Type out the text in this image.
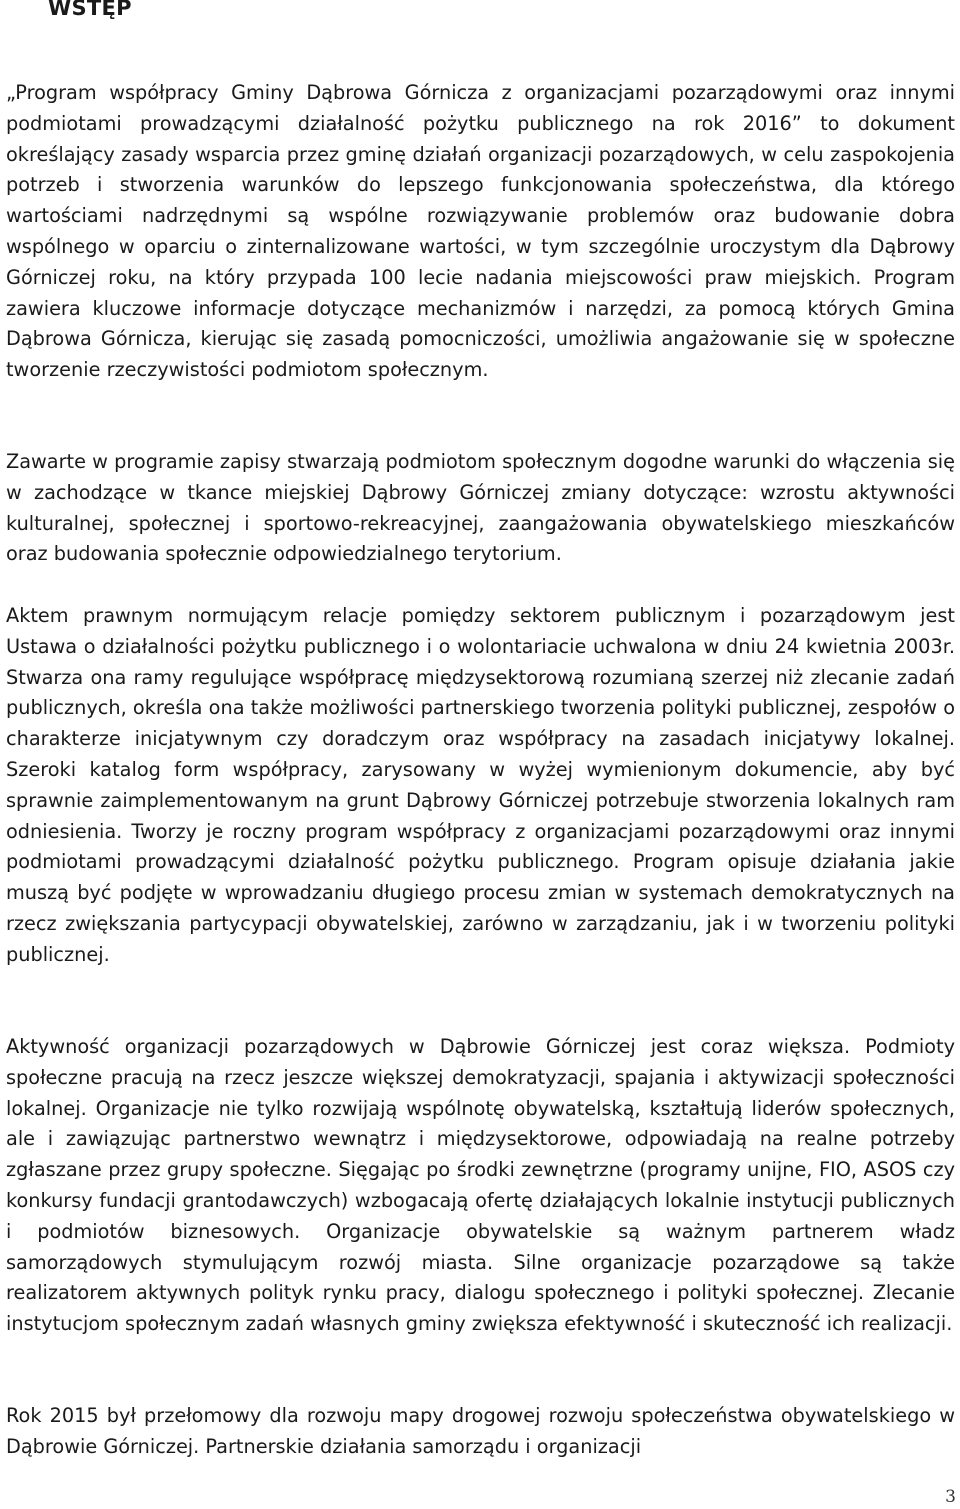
WSTĘP

„Program współpracy Gminy Dąbrowa Górnicza z organizacjami pozarządowymi oraz innymi podmiotami prowadzącymi działalność pożytku publicznego na rok 2016” to dokument określający zasady wsparcia przez gminę działań organizacji pozarządowych, w celu zaspokojenia potrzeb i stworzenia warunków do lepszego funkcjonowania społeczeństwa, dla którego wartościami nadrzędnymi są wspólne rozwiązywanie problemów oraz budowanie dobra wspólnego w oparciu o zinternalizowane wartości, w tym szczególnie uroczystym dla Dąbrowy Górniczej roku, na który przypada 100 lecie nadania miejscowości praw miejskich. Program zawiera kluczowe informacje dotyczące mechanizmów i narzędzi, za pomocą których Gmina Dąbrowa Górnicza, kierując się zasadą pomocniczości, umożliwia angażowanie się w społeczne tworzenie rzeczywistości podmiotom społecznym.

Zawarte w programie zapisy stwarzają podmiotom społecznym dogodne warunki do włączenia się w zachodzące w tkance miejskiej Dąbrowy Górniczej zmiany dotyczące: wzrostu aktywności kulturalnej, społecznej i sportowo-rekreacyjnej, zaangażowania obywatelskiego mieszkańców oraz budowania społecznie odpowiedzialnego terytorium.

Aktem prawnym normującym relacje pomiędzy sektorem publicznym i pozarządowym jest Ustawa o działalności pożytku publicznego i o wolontariacie uchwalona w dniu 24 kwietnia 2003r. Stwarza ona ramy regulujące współpracę międzysektorową rozumianą szerzej niż zlecanie zadań publicznych, określa ona także możliwości partnerskiego tworzenia polityki publicznej, zespołów o charakterze inicjatywnym czy doradczym oraz współpracy na zasadach inicjatywy lokalnej. Szeroki katalog form współpracy, zarysowany w wyżej wymienionym dokumencie, aby być sprawnie zaimplementowanym na grunt Dąbrowy Górniczej potrzebuje stworzenia lokalnych ram odniesienia. Tworzy je roczny program współpracy z organizacjami pozarządowymi oraz innymi podmiotami prowadzącymi działalność pożytku publicznego. Program opisuje działania jakie muszą być podjęte w wprowadzaniu długiego procesu zmian w systemach demokratycznych na rzecz zwiększania partycypacji obywatelskiej, zarówno w zarządzaniu, jak i w tworzeniu polityki publicznej.

Aktywność organizacji pozarządowych w Dąbrowie Górniczej jest coraz większa. Podmioty społeczne pracują na rzecz jeszcze większej demokratyzacji, spajania i aktywizacji społeczności lokalnej. Organizacje nie tylko rozwijają wspólnotę obywatelską, kształtują liderów społecznych, ale i zawiązując partnerstwo wewnątrz i międzysektorowe, odpowiadają na realne potrzeby zgłaszane przez grupy społeczne. Sięgając po środki zewnętrzne (programy unijne, FIO, ASOS czy konkursy fundacji grantodawczych) wzbogacają ofertę działających lokalnie instytucji publicznych i podmiotów biznesowych. Organizacje obywatelskie są ważnym partnerem władz samorządowych stymulującym rozwój miasta. Silne organizacje pozarządowe są także realizatorem aktywnych polityk rynku pracy, dialogu społecznego i polityki społecznej. Zlecanie instytucjom społecznym zadań własnych gminy zwiększa efektywność i skuteczność ich realizacji.

Rok 2015 był przełomowy dla rozwoju mapy drogowej rozwoju społeczeństwa obywatelskiego w Dąbrowie Górniczej. Partnerskie działania samorządu i organizacji

3
